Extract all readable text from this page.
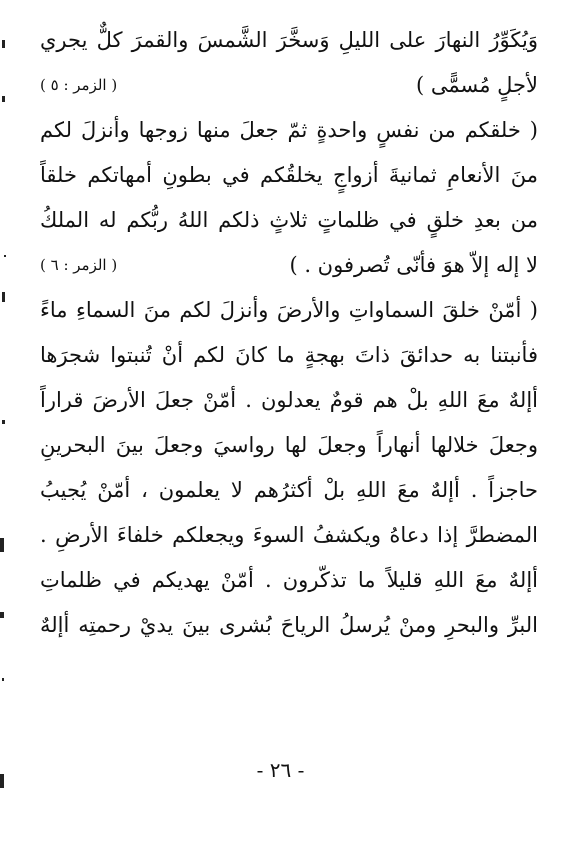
وَيُكَوِّرُ النهارَ على الليلِ وَسخَّرَ الشَّمسَ والقمرَ كلٌّ يجري
لأجلٍ مُسمًّى )
( الزمر : ٥ )
( خلقكم من نفسٍ واحدةٍ ثمّ جعلَ منها زوجها وأنزلَ لكم
منَ الأنعامِ ثمانيةَ أزواجٍ يخلقُكم في بطونِ أمهاتكم خلقاً
من بعدِ خلقٍ في ظلماتٍ ثلاثٍ ذلكم اللهُ ربُّكم له الملكُ
لا إله إلاّ هوَ فأنّى تُصرفون . )
( الزمر : ٦ )
( أمّنْ خلقَ السماواتِ والأرضَ وأنزلَ لكم منَ السماءِ ماءً
فأنبتنا به حدائقَ ذاتَ بهجةٍ ما كانَ لكم أنْ تُنبتوا شجرَها
أإلهٌ معَ اللهِ بلْ هم قومٌ يعدلون . أمّنْ جعلَ الأرضَ قراراً
وجعلَ خلالها أنهاراً وجعلَ لها رواسيَ وجعلَ بينَ البحرينِ
حاجزاً . أإلهٌ معَ اللهِ بلْ أكثرُهم لا يعلمون ، أمّنْ يُجيبُ
المضطرَّ إذا دعاهُ ويكشفُ السوءَ ويجعلكم خلفاءَ الأرضِ .
أإلهٌ معَ اللهِ قليلاً ما تذكّرون . أمّنْ يهديكم في ظلماتِ
البرِّ والبحرِ ومنْ يُرسلُ الرياحَ بُشرى بينَ يديْ رحمتِه أإلهٌ
- ٢٦ -
